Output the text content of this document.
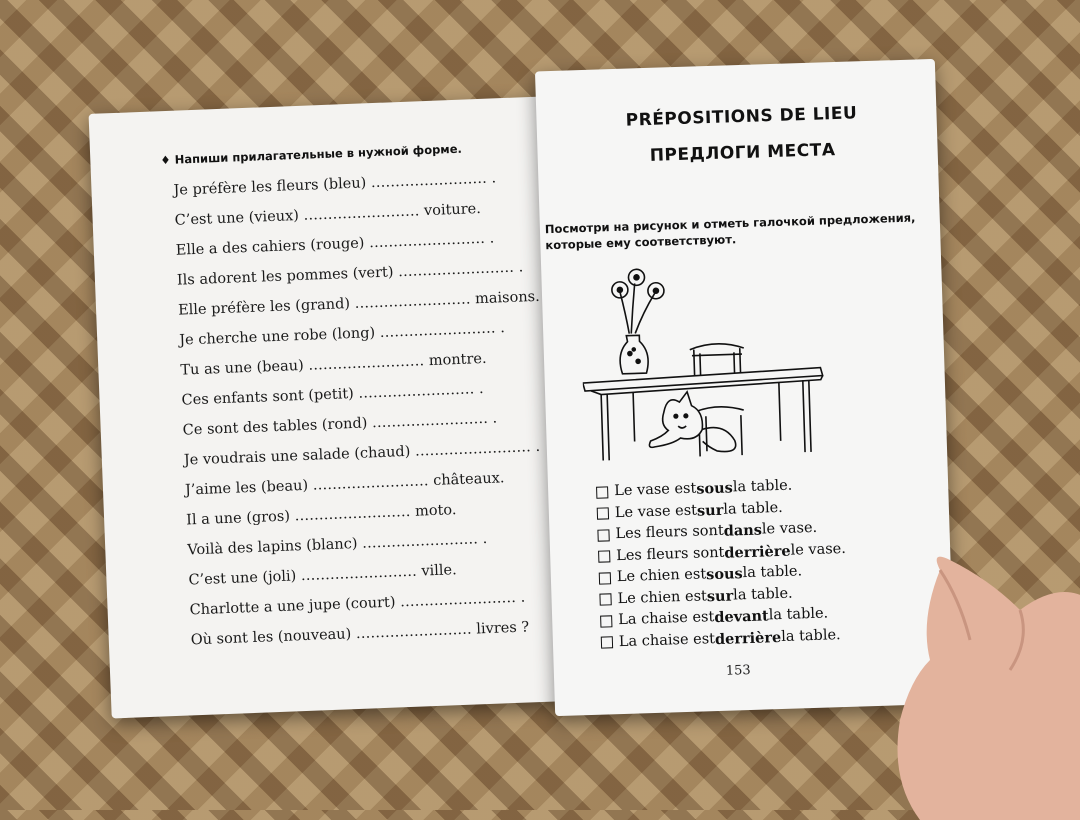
♦ Напиши прилагательные в нужной форме.
Je préfère les fleurs (bleu) …………………… .
C’est une (vieux) …………………… voiture.
Elle a des cahiers (rouge) …………………… .
Ils adorent les pommes (vert) …………………… .
Elle préfère les (grand) …………………… maisons.
Je cherche une robe (long) …………………… .
Tu as une (beau) …………………… montre.
Ces enfants sont (petit) …………………… .
Ce sont des tables (rond) …………………… .
Je voudrais une salade (chaud) …………………… .
J’aime les (beau) …………………… châteaux.
Il a une (gros) …………………… moto.
Voilà des lapins (blanc) …………………… .
C’est une (joli) …………………… ville.
Charlotte a une jupe (court) …………………… .
Où sont les (nouveau) …………………… livres ?
PRÉPOSITIONS DE LIEU
ПРЕДЛОГИ МЕСТА
Посмотри на рисунок и отметь галочкой предложения, которые ему соответствуют.
Le vase est sous la table.
Le vase est sur la table.
Les fleurs sont dans le vase.
Les fleurs sont derrière le vase.
Le chien est sous la table.
Le chien est sur la table.
La chaise est devant la table.
La chaise est derrière la table.
153
